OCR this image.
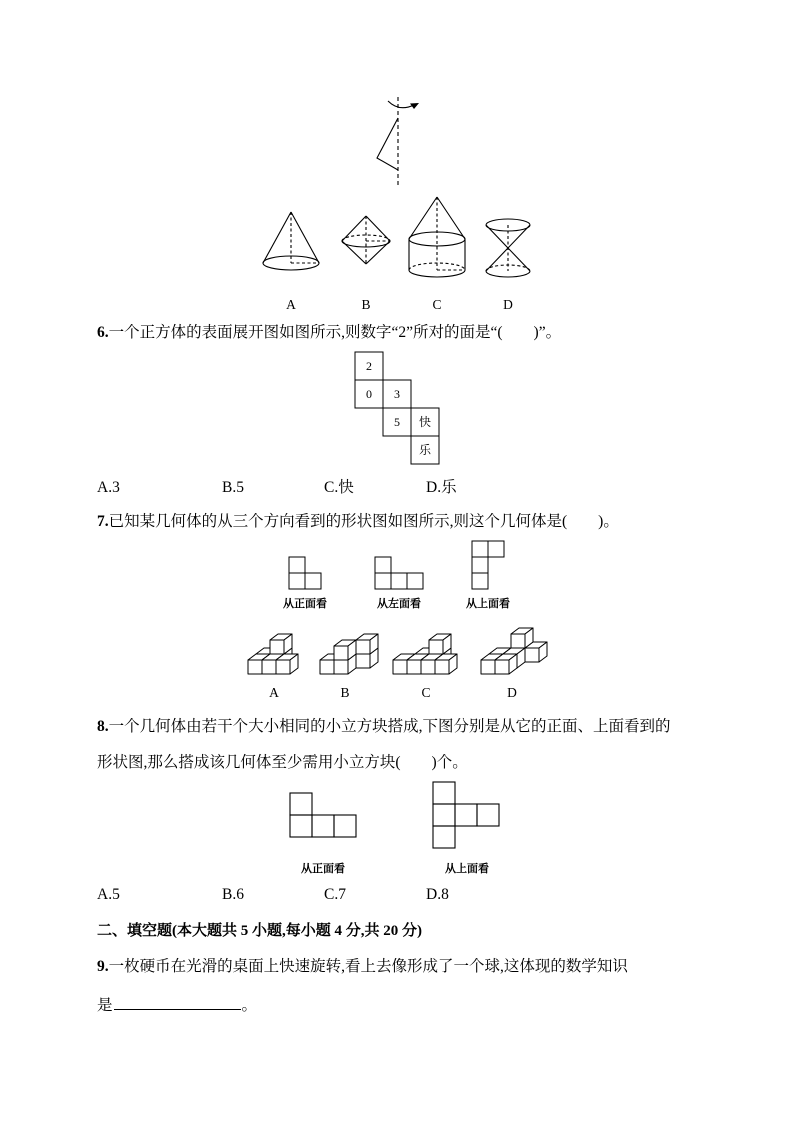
A	B	C	D
2
0 3
5 快
乐
从正面看	从左面看	从上面看
A	B	C	D
从正面看	从上面看
6.一个正方体的表面展开图如图所示,则数字“2”所对的面是“(        )”。
A.3	B.5	C.快	D.乐
7.已知某几何体的从三个方向看到的形状图如图所示,则这个几何体是(        )。
8.一个几何体由若干个大小相同的小立方块搭成,下图分别是从它的正面、上面看到的
形状图,那么搭成该几何体至少需用小立方块(        )个。
A.5	B.6	C.7	D.8
二、填空题(本大题共 5 小题,每小题 4 分,共 20 分)
9.一枚硬币在光滑的桌面上快速旋转,看上去像形成了一个球,这体现的数学知识
是	。
